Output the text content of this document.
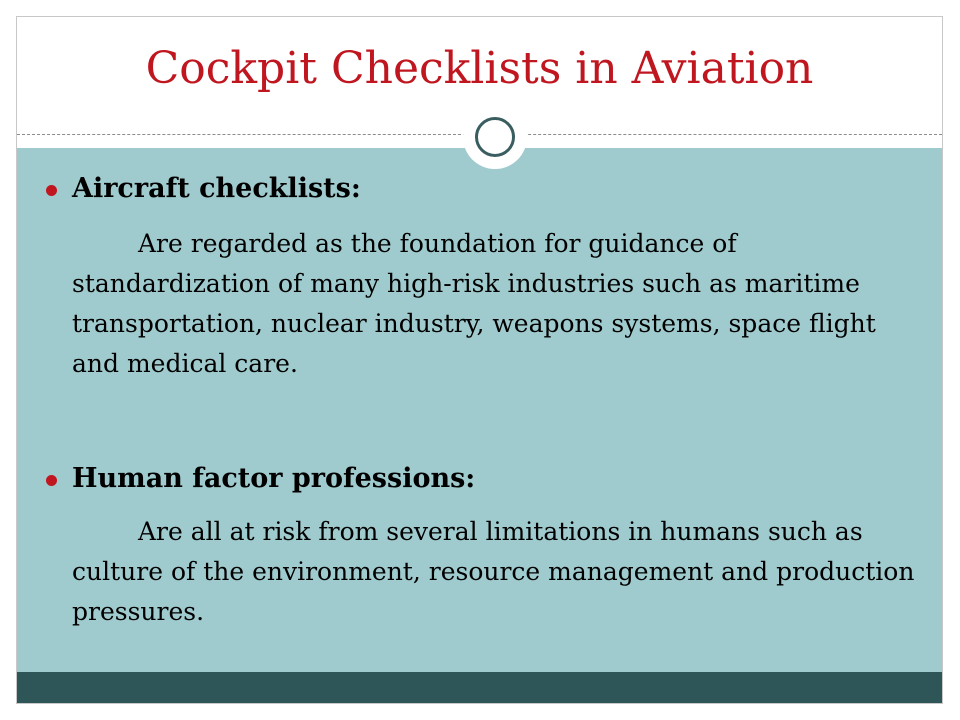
Cockpit Checklists in Aviation
Aircraft checklists:
Are regarded as the foundation for guidance of standardization of many high-risk industries such as maritime transportation, nuclear industry, weapons systems, space flight and medical care.
Human factor professions:
Are all at risk from several limitations in humans such as culture of the environment, resource management and production pressures.
